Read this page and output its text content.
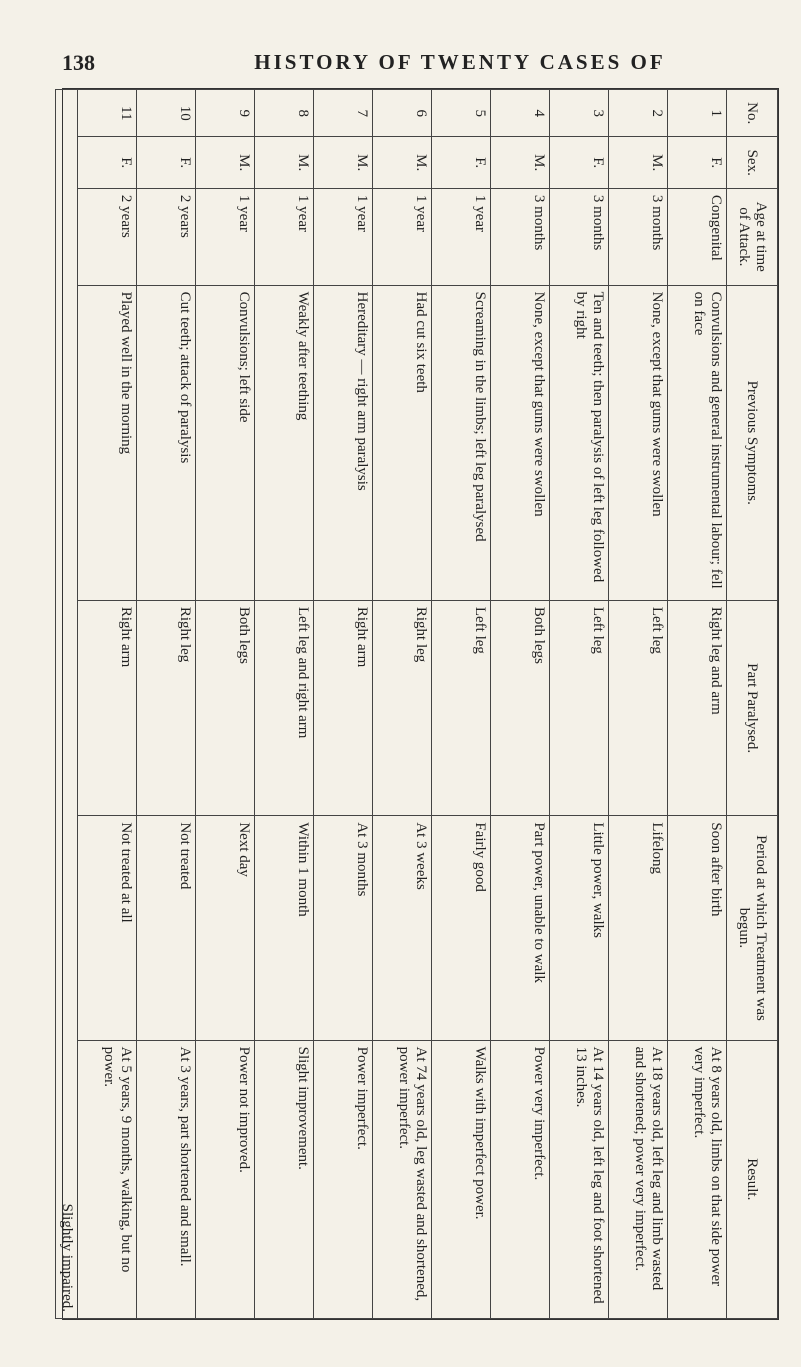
138	HISTORY OF TWENTY CASES OF
No.	Sex.	Age at time of Attack.	Previous Symptoms.	Part Paralysed.	Period at which Treatment was begun.	Result.
1	F.	Congenital	Convulsions and general instrumental labour; fell on face	Right leg and arm	Soon after birth	At 8 years old, limbs on that side power very imperfect.
2	M.	3 months	None, except that gums were swollen	Left leg	Lifelong	At 18 years old, left leg and limb wasted and shortened; power very imperfect.
3	F.	3 months	Ten and teeth; then paralysis of left leg followed by right	Left leg	Little power, walks	At 14 years old, left leg and foot shortened 13 inches.
4	M.	3 months	None, except that gums were swollen	Both legs	Part power, unable to walk	Power very imperfect.
5	F.	1 year	Screaming in the limbs; left leg paralysed	Left leg	Fairly good	Walks with imperfect power.
6	M.	1 year	Had cut six teeth	Right leg	At 3 weeks	At 74 years old, leg wasted and shortened, power imperfect.
7	M.	1 year	Hereditary — right arm paralysis	Right arm	At 3 months	Power imperfect.
8	M.	1 year	Weakly after teething	Left leg and right arm	Within 1 month	Slight improvement.
9	M.	1 year	Convulsions; left side	Both legs	Next day	Power not improved.
10	F.	2 years	Cut teeth; attack of paralysis	Right leg	Not treated	At 3 years, part shortened and small.
11	F.	2 years	Played well in the morning	Right arm	Not treated at all	At 5 years, 9 months, walking, but no power.
Slightly impaired.						
